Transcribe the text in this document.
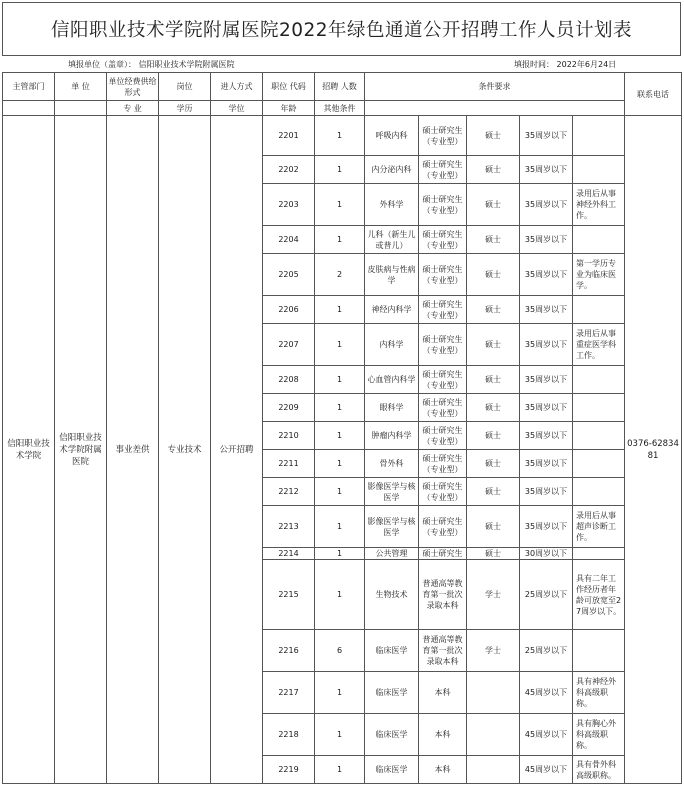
信阳职业技术学院附属医院2022年绿色通道公开招聘工作人员计划表
填报单位（盖章）： 信阳职业技术学院附属医院	填报时间： 2022年6月24日
主管部门	单 位	单位经费供给形式	岗位	进人方式	职位 代码	招聘 人数	条件要求					联系电话

		专 业	学历	学位	年龄	其他条件						
信阳职业技术学院	信阳职业技术学院附属医院	事业差供	专业技术	公开招聘	2201	1	呼吸内科	硕士研究生（专业型）	硕士	35周岁以下		0376-6283481
					2202	1	内分泌内科	硕士研究生（专业型）	硕士	35周岁以下		
					2203	1	外科学	硕士研究生（专业型）	硕士	35周岁以下	录用后从事神经外科工作。	
					2204	1	儿科（新生儿或普儿）	硕士研究生（专业型）	硕士	35周岁以下		
					2205	2	皮肤病与性病学	硕士研究生（专业型）	硕士	35周岁以下	第一学历专业为临床医学。	
					2206	1	神经内科学	硕士研究生（专业型）	硕士	35周岁以下		
					2207	1	内科学	硕士研究生（专业型）	硕士	35周岁以下	录用后从事重症医学科工作。	
					2208	1	心血管内科学	硕士研究生（专业型）	硕士	35周岁以下		
					2209	1	眼科学	硕士研究生（专业型）	硕士	35周岁以下		
					2210	1	肿瘤内科学	硕士研究生（专业型）	硕士	35周岁以下		
					2211	1	骨外科	硕士研究生（专业型）	硕士	35周岁以下		
					2212	1	影像医学与核医学	硕士研究生（专业型）	硕士	35周岁以下		
					2213	1	影像医学与核医学	硕士研究生（专业型）	硕士	35周岁以下	录用后从事超声诊断工作。	
					2214	1	公共管理	硕士研究生	硕士	30周岁以下		
					2215	1	生物技术	普通高等教育第一批次录取本科	学士	25周岁以下	具有二年工作经历者年龄可放宽至27周岁以下。	
					2216	6	临床医学	普通高等教育第一批次录取本科	学士	25周岁以下		
					2217	1	临床医学	本科		45周岁以下	具有神经外科高级职称。	
					2218	1	临床医学	本科		45周岁以下	具有胸心外科高级职称。	
					2219	1	临床医学	本科		45周岁以下	具有骨外科高级职称。	
